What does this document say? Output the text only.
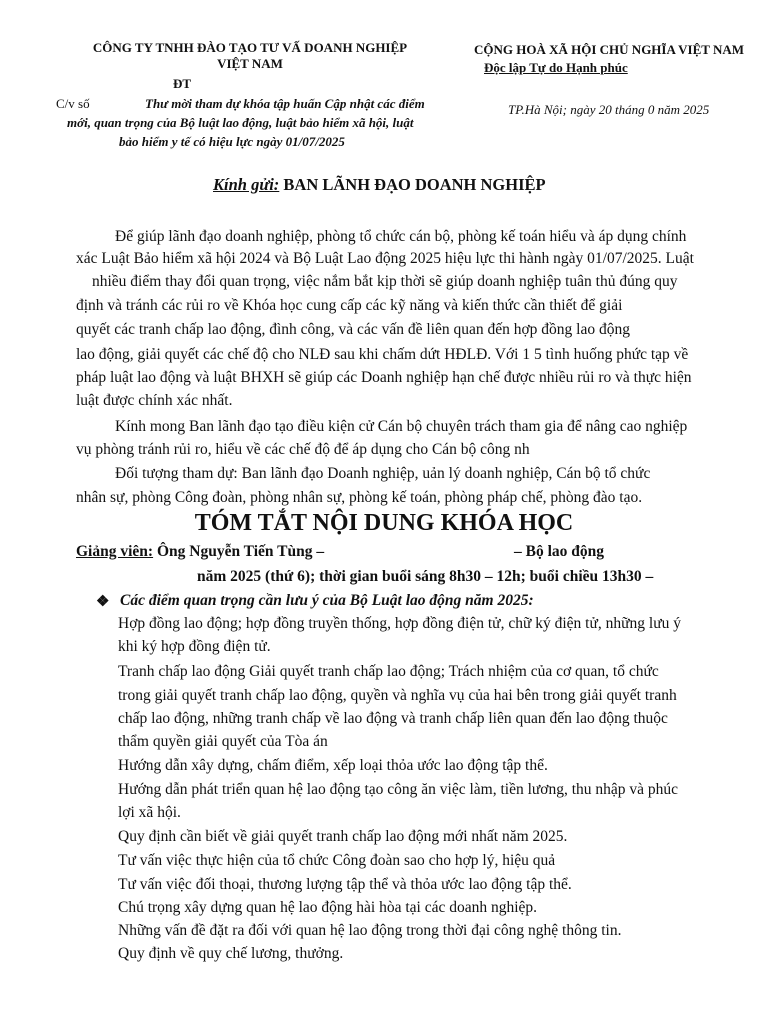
CÔNG TY TNHH ĐÀO TẠO TƯ VẤ DOANH NGHIỆP
VIỆT NAM
ĐT
C/v số	Thư mời tham dự khóa tập huấn Cập nhật các điểm
mới, quan trọng của Bộ luật lao động, luật bảo hiểm xã hội, luật
bảo hiểm y tế có hiệu lực ngày 01/07/2025
CỘNG HOÀ XÃ HỘI CHỦ NGHĨA VIỆT NAM
Độc lập Tự do Hạnh phúc
TP.Hà Nội; ngày 20 tháng 0 năm 2025
Kính gửi: BAN LÃNH ĐẠO DOANH NGHIỆP
Để giúp lãnh đạo doanh nghiệp, phòng tổ chức cán bộ, phòng kế toán hiểu và áp dụng chính
xác Luật Bảo hiểm xã hội 2024 và Bộ Luật Lao động 2025 hiệu lực thi hành ngày 01/07/2025. Luật
nhiều điểm thay đổi quan trọng, việc nắm bắt kịp thời sẽ giúp doanh nghiệp tuân thủ đúng quy
định và tránh các rủi ro về Khóa học cung cấp các kỹ năng và kiến thức cần thiết để giải
quyết các tranh chấp lao động, đình công, và các vấn đề liên quan đến hợp đồng lao động
lao động, giải quyết các chế độ cho NLĐ sau khi chấm dứt HĐLĐ. Với 1 5 tình huống phức tạp về
pháp luật lao động và luật BHXH sẽ giúp các Doanh nghiệp hạn chế được nhiều rủi ro và thực hiện
luật được chính xác nhất.
Kính mong Ban lãnh đạo tạo điều kiện cử Cán bộ chuyên trách tham gia để nâng cao nghiệp
vụ phòng tránh rủi ro, hiểu về các chế độ để áp dụng cho Cán bộ công nh
Đối tượng tham dự: Ban lãnh đạo Doanh nghiệp, uản lý doanh nghiệp, Cán bộ tổ chức
nhân sự, phòng Công đoàn, phòng nhân sự, phòng kế toán, phòng pháp chế, phòng đào tạo.
TÓM TẮT NỘI DUNG KHÓA HỌC
Giảng viên: Ông Nguyễn Tiến Tùng –	– Bộ lao động
năm 2025 (thứ 6); thời gian buổi sáng 8h30 – 12h; buổi chiều 13h30 –
❖ Các điểm quan trọng cần lưu ý của Bộ Luật lao động năm 2025:
Hợp đồng lao động; hợp đồng truyền thống, hợp đồng điện tử, chữ ký điện tử, những lưu ý
khi ký hợp đồng điện tử.
Tranh chấp lao động Giải quyết tranh chấp lao động; Trách nhiệm của cơ quan, tổ chức
trong giải quyết tranh chấp lao động, quyền và nghĩa vụ của hai bên trong giải quyết tranh
chấp lao động, những tranh chấp về lao động và tranh chấp liên quan đến lao động thuộc
thẩm quyền giải quyết của Tòa án
Hướng dẫn xây dựng, chấm điểm, xếp loại thỏa ước lao động tập thể.
Hướng dẫn phát triển quan hệ lao động tạo công ăn việc làm, tiền lương, thu nhập và phúc
lợi xã hội.
Quy định cần biết về giải quyết tranh chấp lao động mới nhất năm 2025.
Tư vấn việc thực hiện của tổ chức Công đoàn sao cho hợp lý, hiệu quả
Tư vấn việc đối thoại, thương lượng tập thể và thỏa ước lao động tập thể.
Chú trọng xây dựng quan hệ lao động hài hòa tại các doanh nghiệp.
Những vấn đề đặt ra đối với quan hệ lao động trong thời đại công nghệ thông tin.
Quy định về quy chế lương, thưởng.
